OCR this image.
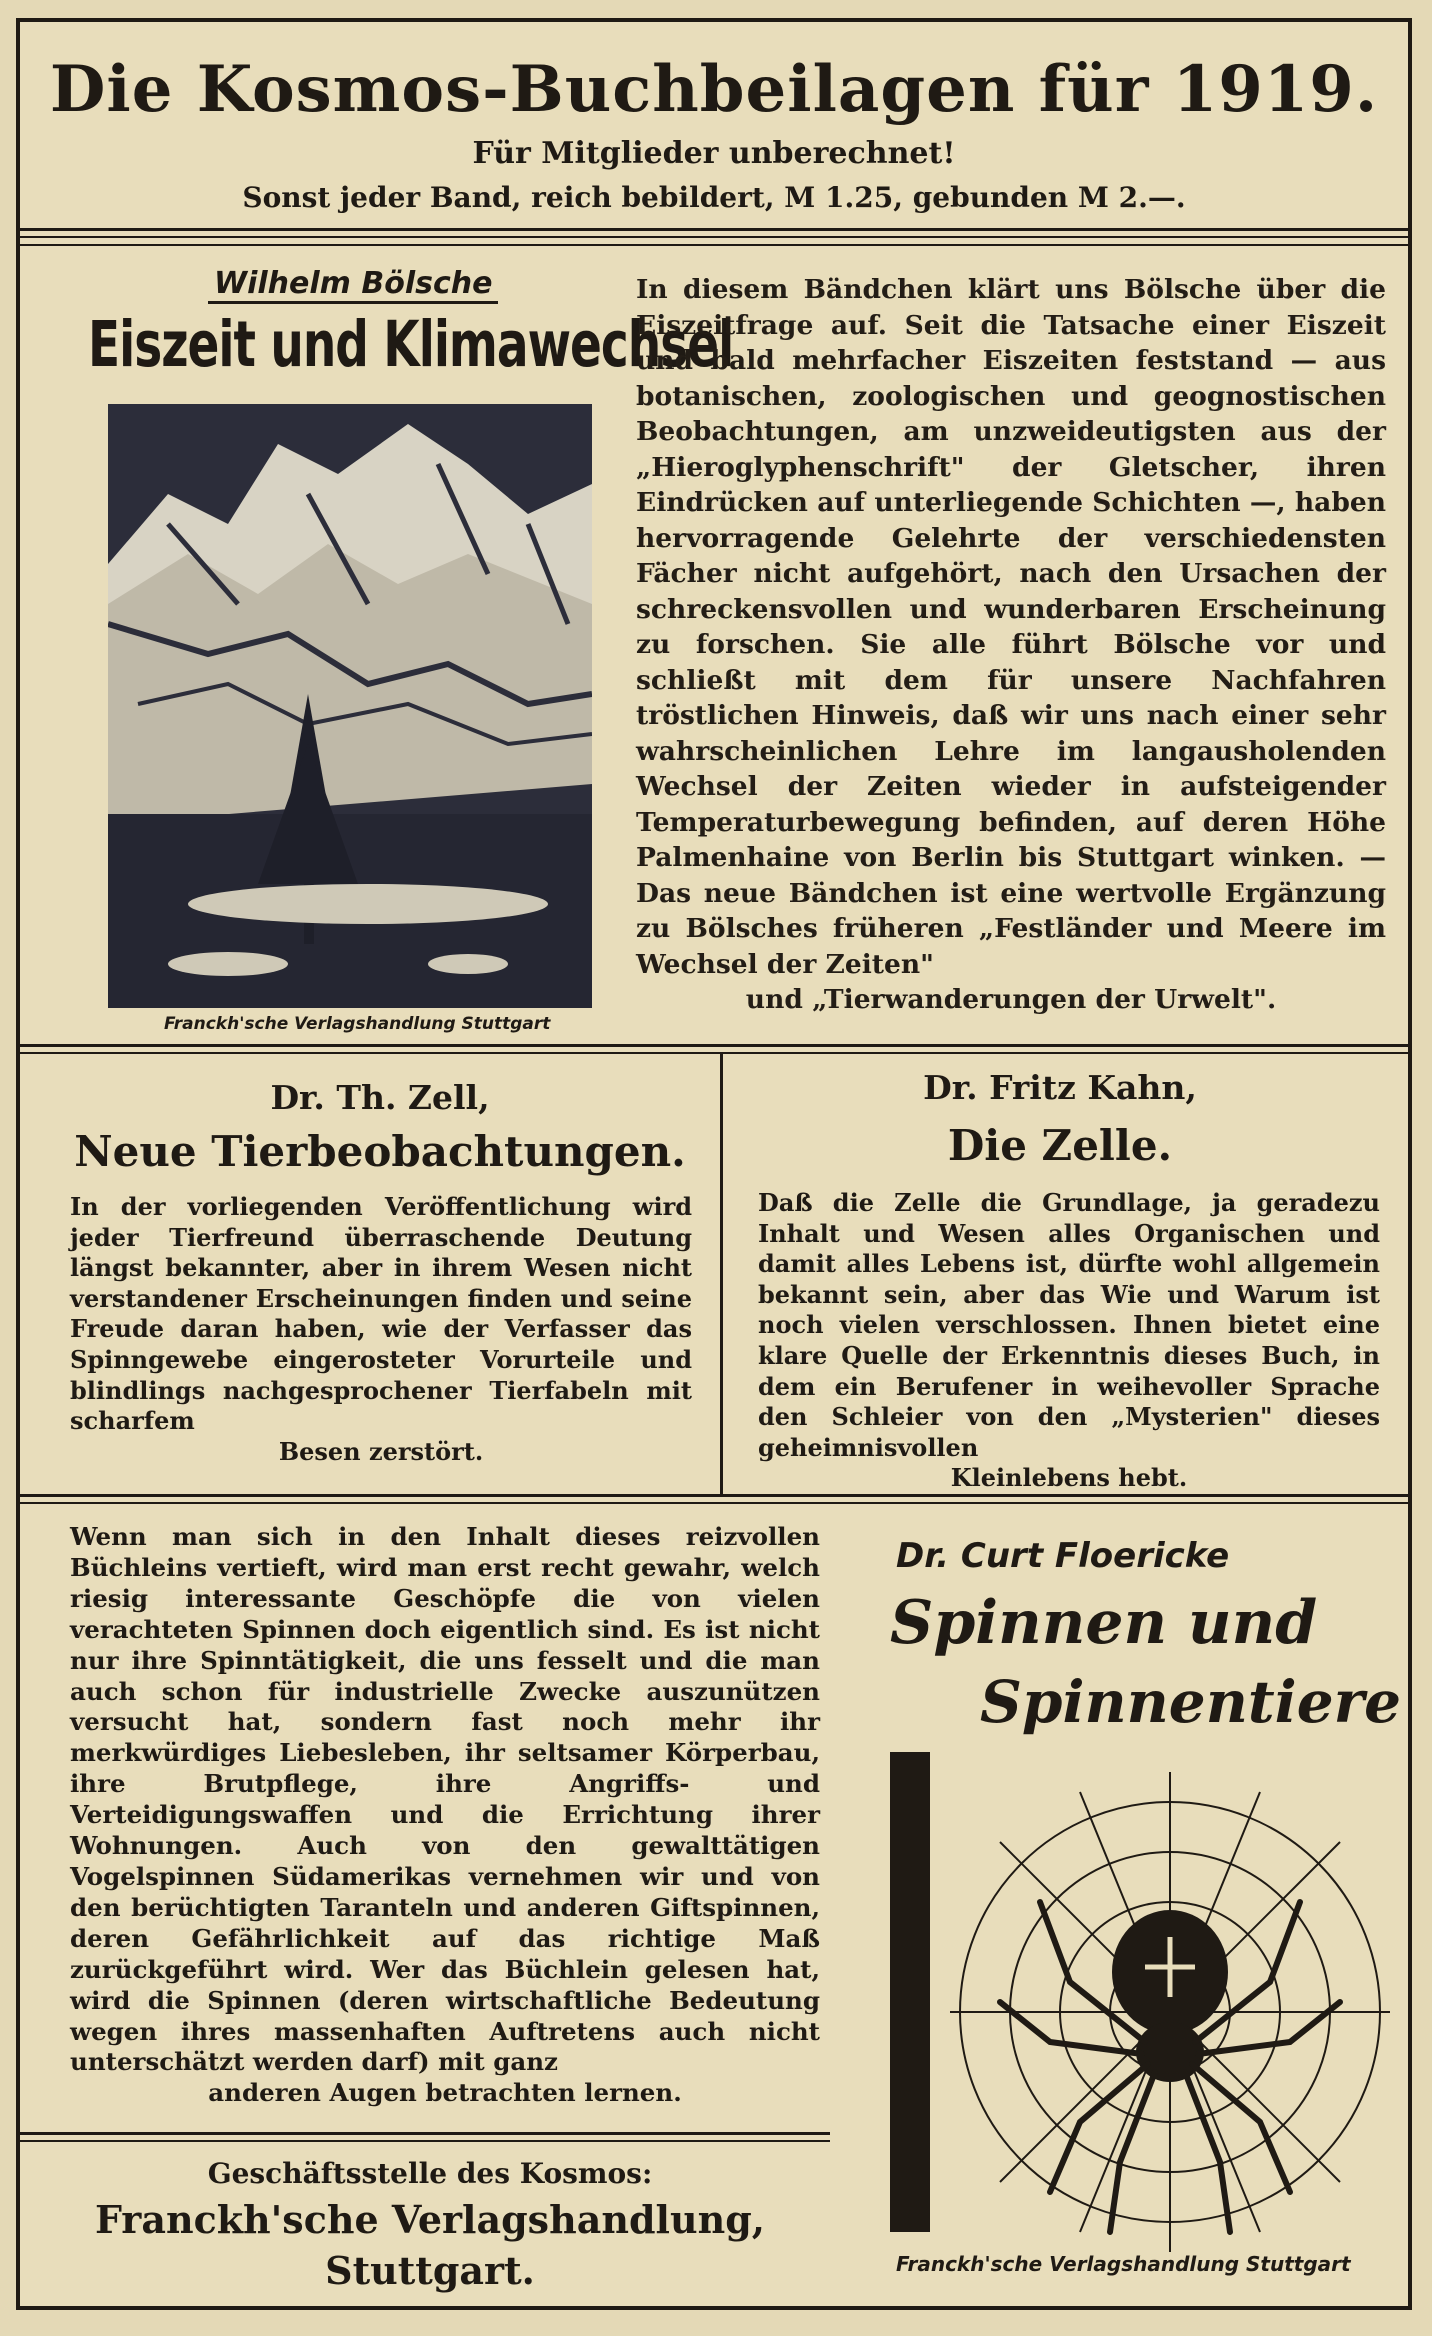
Die Kosmos-Buchbeilagen für 1919.
Für Mitglieder unberechnet!
Sonst jeder Band, reich bebildert, M 1.25, gebunden M 2.—.
Wilhelm Bölsche
Eiszeit und Klimawechsel
Franckh'sche Verlagshandlung Stuttgart
In diesem Bändchen klärt uns Bölsche über die Eiszeitfrage auf. Seit die Tatsache einer Eiszeit und bald mehrfacher Eiszeiten feststand — aus botanischen, zoologischen und geognostischen Beobachtungen, am unzweideutigsten aus der „Hieroglyphenschrift" der Gletscher, ihren Eindrücken auf unterliegende Schichten —, haben hervorragende Gelehrte der verschiedensten Fächer nicht aufgehört, nach den Ursachen der schreckensvollen und wunderbaren Erscheinung zu forschen. Sie alle führt Bölsche vor und schließt mit dem für unsere Nachfahren tröstlichen Hinweis, daß wir uns nach einer sehr wahrscheinlichen Lehre im langausholenden Wechsel der Zeiten wieder in aufsteigender Temperaturbewegung befinden, auf deren Höhe Palmenhaine von Berlin bis Stuttgart winken. — Das neue Bändchen ist eine wertvolle Ergänzung zu Bölsches früheren „Festländer und Meere im Wechsel der Zeiten"
und „Tierwanderungen der Urwelt".
Dr. Th. Zell,
Neue Tierbeobachtungen.
In der vorliegenden Veröffentlichung wird jeder Tierfreund überraschende Deutung längst bekannter, aber in ihrem Wesen nicht verstandener Erscheinungen finden und seine Freude daran haben, wie der Verfasser das Spinngewebe eingerosteter Vorurteile und blindlings nachgesprochener Tierfabeln mit scharfem
Besen zerstört.
Dr. Fritz Kahn,
Die Zelle.
Daß die Zelle die Grundlage, ja geradezu Inhalt und Wesen alles Organischen und damit alles Lebens ist, dürfte wohl allgemein bekannt sein, aber das Wie und Warum ist noch vielen verschlossen. Ihnen bietet eine klare Quelle der Erkenntnis dieses Buch, in dem ein Berufener in weihevoller Sprache den Schleier von den „Mysterien" dieses geheimnisvollen
Kleinlebens hebt.
Wenn man sich in den Inhalt dieses reizvollen Büchleins vertieft, wird man erst recht gewahr, welch riesig interessante Geschöpfe die von vielen verachteten Spinnen doch eigentlich sind. Es ist nicht nur ihre Spinntätigkeit, die uns fesselt und die man auch schon für industrielle Zwecke auszunützen versucht hat, sondern fast noch mehr ihr merkwürdiges Liebesleben, ihr seltsamer Körperbau, ihre Brutpflege, ihre Angriffs- und Verteidigungswaffen und die Errichtung ihrer Wohnungen. Auch von den gewalttätigen Vogelspinnen Südamerikas vernehmen wir und von den berüchtigten Taranteln und anderen Giftspinnen, deren Gefährlichkeit auf das richtige Maß zurückgeführt wird. Wer das Büchlein gelesen hat, wird die Spinnen (deren wirtschaftliche Bedeutung wegen ihres massenhaften Auftretens auch nicht unterschätzt werden darf) mit ganz
anderen Augen betrachten lernen.
Dr. Curt Floericke
Spinnen und
Spinnentiere
Franckh'sche Verlagshandlung Stuttgart
Geschäftsstelle des Kosmos:
Franckh'sche Verlagshandlung,
Stuttgart.
